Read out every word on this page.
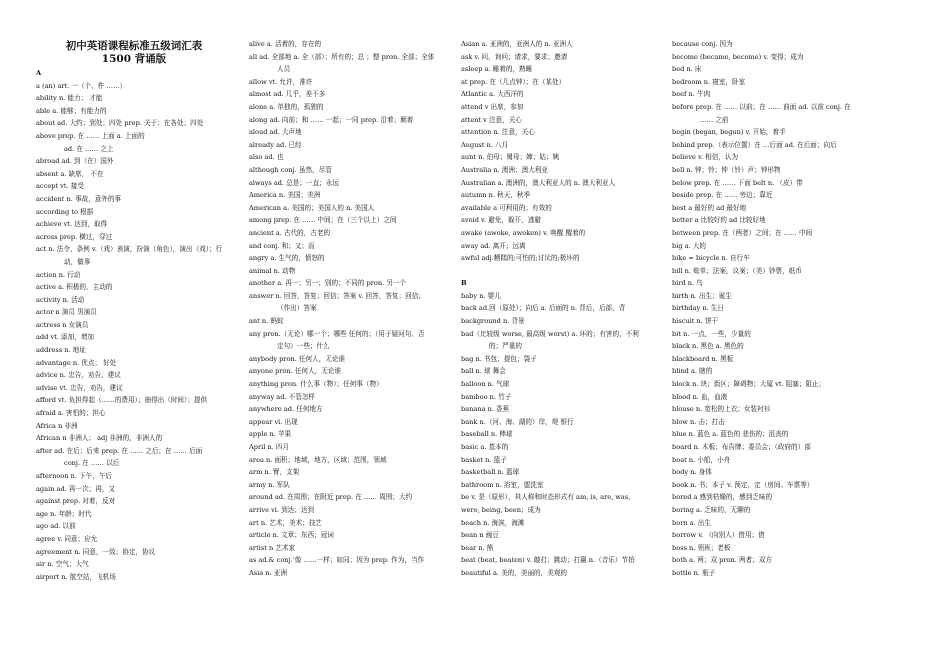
初中英语课程标准五级词汇表
1500 背诵版
A
a (an) art. 一（个、件 ……）
ability n. 能力； 才能
able a. 能够；有能力的
about ad. 大约；到处；四处 prep. 关于；在各处；四处
above prep. 在 …… 上面 a. 上面的
ad. 在 …… 之上
abroad ad. 到（在）国外
absent a. 缺席， 不在
accept vt. 接受
accident n. 事故，意外的事
according to 根据
achieve vt. 达到，取得
across prep. 横过，穿过
act n. 法令，条例 v.（戏）表演，扮演（角色），演出（戏）；行
动，做事
action n. 行动
active a. 积极的，主动的
activity n. 活动
actor n 演员 男演员
actress n 女演员
add vt. 添加，增加
address n. 地址
advantage n. 优点； 好处
advice n. 忠告，劝告，建议
advise vt. 忠告，劝告，建议
afford vt. 负担得起（……的费用）；抽得出（时间）；提供
afraid a. 害怕的；担心
Africa n 非洲
African n 非洲人； adj 非洲的，非洲人的
after ad. 在后；后来 prep. 在 …… 之后；在 …… 后面
conj. 在 …… 以后
afternoon n. 下午，午后
again ad. 再一次；再，又
against prep. 对着，反对
age n. 年龄；时代
ago ad. 以前
agree v. 同意；应允
agreement n. 同意，一致；协定，协议
air n. 空气；大气
airport n. 航空站，飞机场
alive a. 活着的，存在的
all ad. 全部地 a. 全（部）；所有的；总 ；整 pron. 全部；全体
人员
allow vt. 允许，准许
almost ad. 几乎，差不多
alone a. 单独的，孤独的
along ad. 向前；和 …… 一起；一同 prep. 沿着；顺着
aloud ad. 大声地
already ad. 已经
also ad. 也
although conj. 虽然，尽管
always ad. 总是；一直；永远
America n. 美国；美洲
American a. 美国的；美国人的 n. 美国人
among prep. 在 …… 中间；在（三个以上）之间
ancient a. 古代的，古老的
and conj. 和；又；而
angry a. 生气的，愤怒的
animal n. 动物
another a. 再一；另一；别的；不同的 pron. 另一个
answer n. 回答，答复；回信；答案 v. 回答，答复；回信；
（作出）答案
ant n. 蚂蚁
any pron.（无论）哪一个；哪些 任何的；（用于疑问句、否
定句）一些；什么
anybody pron. 任何人，无论谁
anyone pron. 任何人，无论谁
anything pron. 什么事（物）；任何事（物）
anyway ad. 不管怎样
anywhere ad. 任何地方
appear vi. 出现
apple n. 苹果
April n. 四月
area n. 面积；地域，地方，区域；范围，领域
arm n. 臂，支架
army n. 军队
around ad. 在周围；在附近 prep. 在 …… 周围；大约
arrive vi. 到达；达到
art n. 艺术，美术；技艺
article n. 文章；东西；冠词
artist n 艺术家
as ad.& conj.ʻ像 ……一样；如同；因为 prep. 作为，当作
Asia n. 亚洲
Asian a. 亚洲的，亚洲人的 n. 亚洲人
ask v. 问，询问；请求，要求；邀请
asleep a. 睡着的，熟睡
at prep. 在（几点钟）；在（某处）
Atlantic a. 大西洋的
attend v 出席，参加
attent v 注意，关心
attention n. 注意，关心
August n. 八月
aunt n. 伯母；舅母；婶；姑；姨
Australia n. 澳洲；澳大利亚
Australian a. 澳洲的，澳大利亚人的 n. 澳大利亚人
autumn n. 秋天，秋季
available a 可利用的；有效的
avoid v. 避免，躲开，逃避
awake (awoke, awoken) v. 唤醒 醒着的
away ad. 离开；远离
awful adj.糟糕的;可怕的;讨厌的;极坏的
B
baby n. 婴儿
back ad.回（原处）；向后 a. 后面的 n. 背后，后部，背
background n. 背景
bad（比较级 worse, 最高级 worst) a. 坏的；有害的，不利
的；严重的
bag n. 书包；提包；袋子
ball n. 球 舞会
balloon n. 气球
bamboo n. 竹子
banana n. 香蕉
bank n.（河、海、湖的）岸，堤 银行
baseball n. 棒球
basic a. 基本的
basket n. 篮子
basketball n. 篮球
bathroom n. 浴室，盥洗室
be v. 是（原形），其人称和时态形式有 am, is, are, was,
were, being, been；成为
beach n. 海滨，海滩
bean n 豌豆
bear n. 熊
beat (beat, beaten) v. 敲打；跳动；打赢 n.（音乐）节拍
beautiful a. 美的，美丽的，美观的
because conj. 因为
become (became, become) v. 变得；成为
bed n. 床
bedroom n. 寝室，卧室
beef n. 牛肉
before prep. 在 …… 以前；在 …… 前面 ad. 以前 conj. 在
…… 之前
begin (began, begun) v. 开始，着手
behind prep.（表示位置）在 …后面 ad. 在后面；向后
believe v. 相信，认为
bell n. 钟；铃；钟（铃）声；钟形物
below prep. 在 …… 下面 belt n. （皮）带
beside prep. 在 …… 旁边；靠近
best a 最好的 ad 最好地
better a 比较好的 ad 比较好地
between prep. 在（两者）之间；在 …… 中间
big a. 大的
bike = bicycle n. 自行车
bill n. 账单；法案，议案；（美）钞票，纸币
bird n. 鸟
birth n. 出生；诞生
birthday n. 生日
biscuit n. 饼干
bit n. 一点，一些，少量的
black n. 黑色 a. 黑色的
blackboard n. 黑板
blind a. 瞎的
block n. 块；街区；障碍物；大厦 vt. 阻塞；阻止；
blood n. 血，血液
blouse n. 宽松的上衣；女装衬衫
blow n. 击；打击
blue n. 蓝色 a. 蓝色的 悲伤的；沮丧的
board n. 木板；布告牌；委员会；（政府的）部
boat n. 小船，小舟
body n. 身体
book n. 书；本子 v. 预定，定（房间、车票等）
bored a 感到枯燥的，感到乏味的
boring a. 乏味的，无聊的
born a. 出生
borrow v. （向别人）借用；借
boss n. 领班；老板
both a. 两；双 pron. 两者；双方
bottle n. 瓶子
